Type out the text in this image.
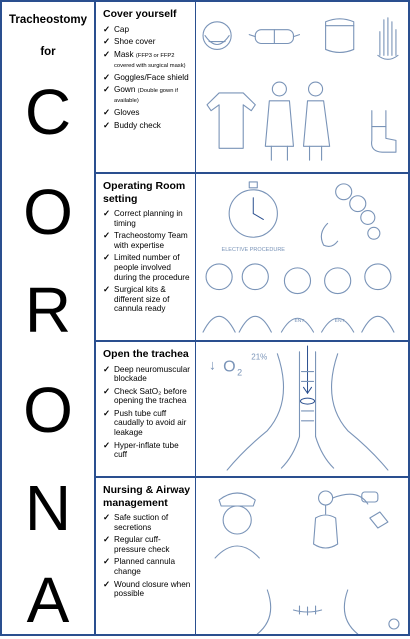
Tracheostomy
for
C
O
R
O
N
A
Cover yourself
✓ Cap
✓ Shoe cover
✓ Mask (FFP3 or FFP2 covered with surgical mask)
✓ Goggles/Face shield
✓ Gown (Double gown if available)
✓ Gloves
✓ Buddy check
Operating Room setting
✓ Correct planning in timing
✓ Tracheostomy Team with expertise
✓ Limited number of people involved during the procedure
✓ Surgical kits & different size of cannula ready
ELECTIVE PROCEDURE
ENT	ENT
Open the trachea
✓ Deep neuromuscular blockade
✓ Check SatO₂ before opening the trachea
✓ Push tube cuff caudally to avoid air leakage
✓ Hyper-inflate tube cuff
↓ O 2
21%
Nursing & Airway management
✓ Safe suction of secretions
✓ Regular cuff-pressure check
✓ Planned cannula change
✓ Wound closure when possible
